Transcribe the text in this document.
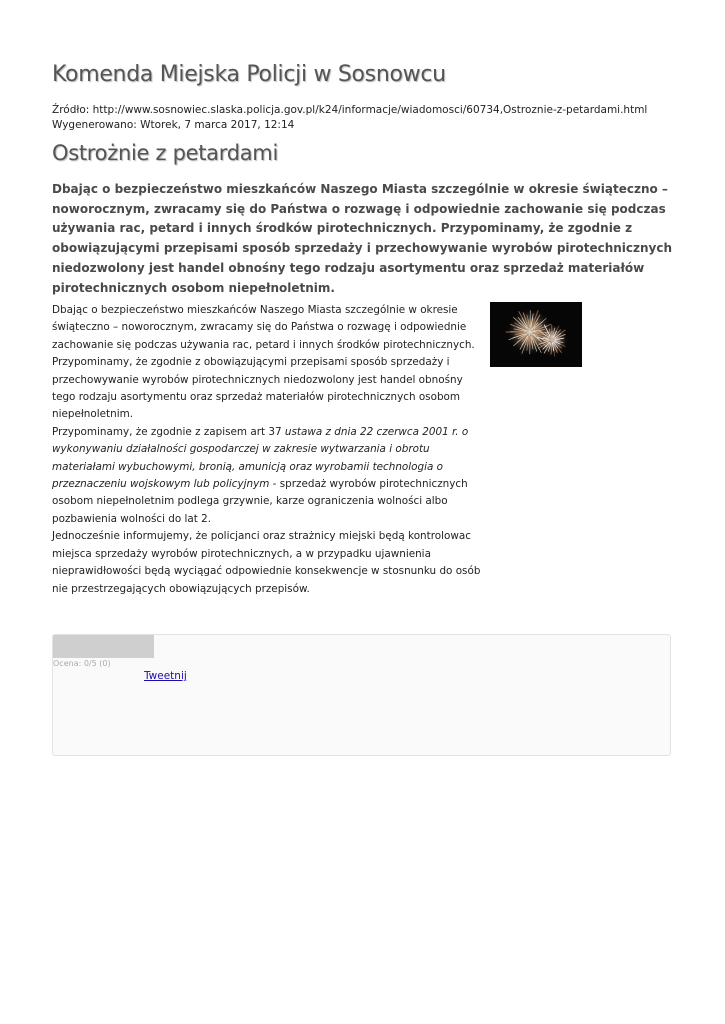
Komenda Miejska Policji w Sosnowcu
Źródło: http://www.sosnowiec.slaska.policja.gov.pl/k24/informacje/wiadomosci/60734,Ostroznie-z-petardami.html
Wygenerowano: Wtorek, 7 marca 2017, 12:14
Ostrożnie z petardami

Dbając o bezpieczeństwo mieszkańców Naszego Miasta szczególnie w okresie świąteczno – noworocznym, zwracamy się do Państwa o rozwagę i odpowiednie zachowanie się podczas używania rac, petard i innych środków pirotechnicznych. Przypominamy, że zgodnie z obowiązującymi przepisami sposób sprzedaży i przechowywanie wyrobów pirotechnicznych niedozwolony jest handel obnośny tego rodzaju asortymentu oraz sprzedaż materiałów pirotechnicznych osobom niepełnoletnim.

Dbając o bezpieczeństwo mieszkańców Naszego Miasta szczególnie w okresie świąteczno – noworocznym, zwracamy się do Państwa o rozwagę i odpowiednie zachowanie się podczas używania rac, petard i innych środków pirotechnicznych. Przypominamy, że zgodnie z obowiązującymi przepisami sposób sprzedaży i przechowywanie wyrobów pirotechnicznych niedozwolony jest handel obnośny tego rodzaju asortymentu oraz sprzedaż materiałów pirotechnicznych osobom niepełnoletnim.

Przypominamy, że zgodnie z zapisem art 37 ustawa z dnia 22 czerwca 2001 r. o wykonywaniu działalności gospodarczej w zakresie wytwarzania i obrotu materiałami wybuchowymi, bronią, amunicją oraz wyrobamii technologia o przeznaczeniu wojskowym lub policyjnym - sprzedaż wyrobów pirotechnicznych osobom niepełnoletnim podlega grzywnie, karze ograniczenia wolności albo pozbawienia wolności do lat 2.

Jednocześnie informujemy, że policjanci oraz strażnicy miejski będą kontrolowac miejsca sprzedaży wyrobów pirotechnicznych, a w przypadku ujawnienia nieprawidłowości będą wyciągać odpowiednie konsekwencje w stosnunku do osób nie przestrzegających obowiązujących przepisów.

Ocena: 0/5 (0)
Tweetnij
